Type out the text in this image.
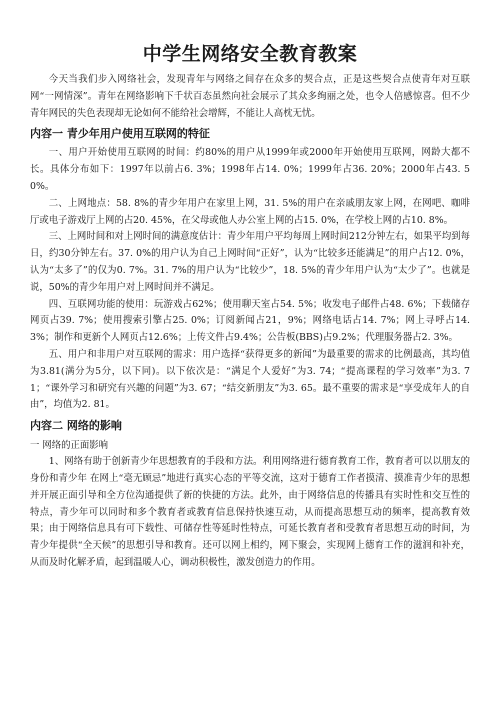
中学生网络安全教育教案

今天当我们步入网络社会，发现青年与网络之间存在众多的契合点，正是这些契合点使青年对互联网“一网情深”。青年在网络影响下千状百态虽然向社会展示了其众多绚丽之处，也令人倍感惊喜。但不少青年网民的失色表现却无论如何不能给社会增辉，不能让人高枕无忧。

内容一 青少年用户使用互联网的特征

一、用户开始使用互联网的时间：约80%的用户从1999年或2000年开始使用互联网，网龄大都不长。具体分布如下：1997年以前占6. 3%；1998年占14. 0%；1999年占36. 20%；2000年占43. 50%。

二、上网地点：58. 8%的青少年用户在家里上网，31. 5%的用户在亲戚朋友家上网，在网吧、咖啡厅或电子游戏厅上网的占20. 45%，在父母或他人办公室上网的占15. 0%，在学校上网的占10. 8%。

三、上网时间和对上网时间的满意度估计：青少年用户平均每周上网时间212分钟左右，如果平均到每日，约30分钟左右。37. 0%的用户认为自己上网时间“正好”，认为“比较多还能满足”的用户占12. 0%，认为“太多了”的仅为0. 7%。31. 7%的用户认为“比较少”，18. 5%的青少年用户认为“太少了”。也就是说，50%的青少年用户对上网时间并不满足。

四、互联网功能的使用：玩游戏占62%；使用聊天室占54. 5%；收发电子邮件占48. 6%；下载储存网页占39. 7%；使用搜索引擎占25. 0%；订阅新闻占21，9%；网络电话占14. 7%；网上寻呼占14.3%；制作和更新个人网页占12.6%；上传文件占9.4%；公告板(BBS)占9.2%；代理服务器占2. 3%。

五、用户和非用户对互联网的需求：用户选择“获得更多的新闻”为最重要的需求的比例最高，其均值为3.81(满分为5分，以下同)。以下依次是：“满足个人爱好”为3. 74；“提高课程的学习效率”为3. 71；“课外学习和研究有兴趣的问题”为3. 67；“结交新朋友”为3. 65。最不重要的需求是“享受成年人的自由”，均值为2. 81。

内容二 网络的影响
一 网络的正面影响

1、网络有助于创新青少年思想教育的手段和方法。利用网络进行德育教育工作，教育者可以以朋友的身份和青少年 在网上“毫无顾忌”地进行真实心态的平等交流，这对于德育工作者摸清、摸准青少年的思想并开展正面引导和全方位沟通提供了新的快捷的方法。此外，由于网络信息的传播具有实时性和交互性的特点，青少年可以同时和多个教育者或教育信息保持快速互动，从而提高思想互动的频率，提高教育效果；由于网络信息具有可下载性、可储存性等延时性特点，可延长教育者和受教育者思想互动的时间，为青少年提供“全天候”的思想引导和教育。还可以网上相约，网下聚会，实现网上德育工作的滋润和补充，从而及时化解矛盾，起到温暖人心，调动积极性，激发创造力的作用。
